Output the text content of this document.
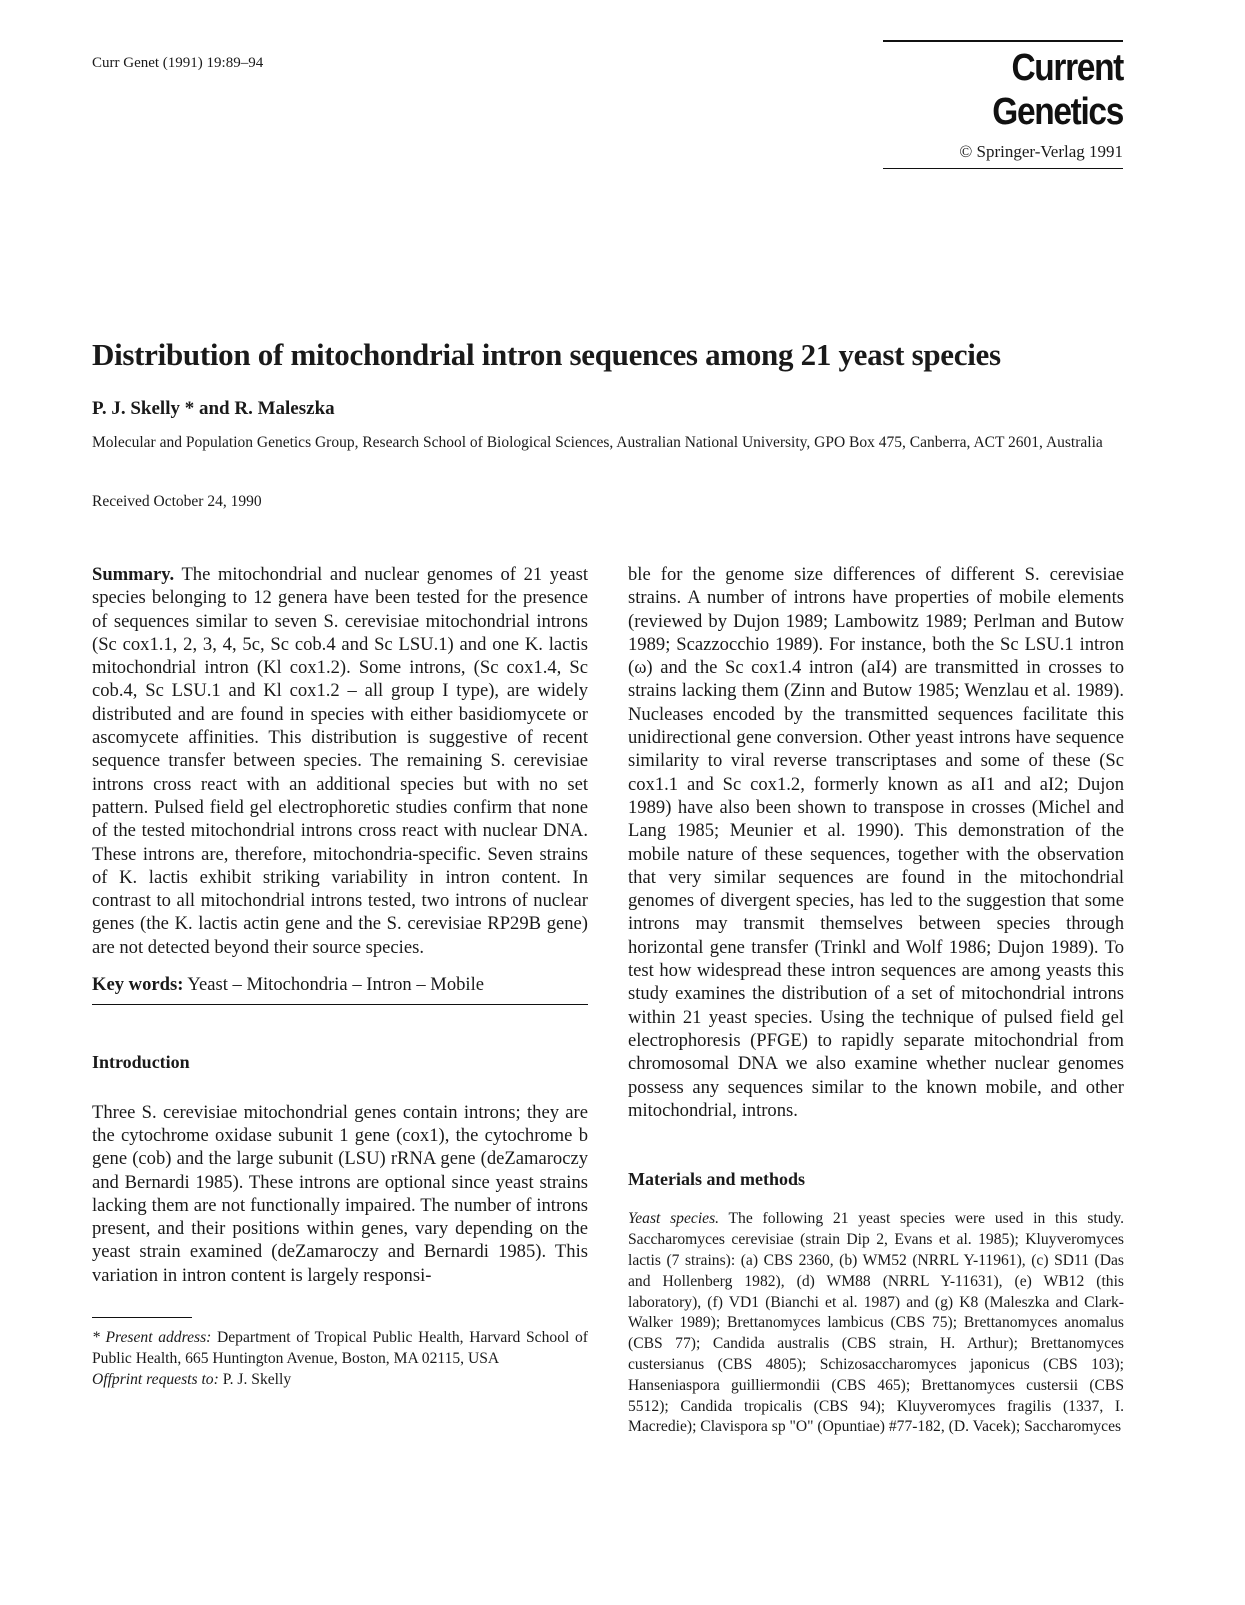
Curr Genet (1991) 19:89–94	Current Genetics
© Springer-Verlag 1991
Distribution of mitochondrial intron sequences among 21 yeast species
P. J. Skelly * and R. Maleszka
Molecular and Population Genetics Group, Research School of Biological Sciences, Australian National University, GPO Box 475, Canberra, ACT 2601, Australia
Received October 24, 1990

Summary. The mitochondrial and nuclear genomes of 21 yeast species belonging to 12 genera have been tested for the presence of sequences similar to seven S. cerevisiae mitochondrial introns (Sc cox1.1, 2, 3, 4, 5c, Sc cob.4 and Sc LSU.1) and one K. lactis mitochondrial intron (Kl cox1.2). Some introns, (Sc cox1.4, Sc cob.4, Sc LSU.1 and Kl cox1.2 – all group I type), are widely distributed and are found in species with either basidiomycete or ascomycete affinities. This distribution is suggestive of recent sequence transfer between species. The remaining S. cerevisiae introns cross react with an additional species but with no set pattern. Pulsed field gel electrophoretic studies confirm that none of the tested mitochondrial introns cross react with nuclear DNA. These introns are, therefore, mitochondria-specific. Seven strains of K. lactis exhibit striking variability in intron content. In contrast to all mitochondrial introns tested, two introns of nuclear genes (the K. lactis actin gene and the S. cerevisiae RP29B gene) are not detected beyond their source species.

Key words: Yeast – Mitochondria – Intron – Mobile

Introduction

Three S. cerevisiae mitochondrial genes contain introns; they are the cytochrome oxidase subunit 1 gene (cox1), the cytochrome b gene (cob) and the large subunit (LSU) rRNA gene (deZamaroczy and Bernardi 1985). These introns are optional since yeast strains lacking them are not functionally impaired. The number of introns present, and their positions within genes, vary depending on the yeast strain examined (deZamaroczy and Bernardi 1985). This variation in intron content is largely responsi-

* Present address: Department of Tropical Public Health, Harvard School of Public Health, 665 Huntington Avenue, Boston, MA 02115, USA

Offprint requests to: P. J. Skelly

ble for the genome size differences of different S. cerevisiae strains. A number of introns have properties of mobile elements (reviewed by Dujon 1989; Lambowitz 1989; Perlman and Butow 1989; Scazzocchio 1989). For instance, both the Sc LSU.1 intron (ω) and the Sc cox1.4 intron (aI4) are transmitted in crosses to strains lacking them (Zinn and Butow 1985; Wenzlau et al. 1989). Nucleases encoded by the transmitted sequences facilitate this unidirectional gene conversion. Other yeast introns have sequence similarity to viral reverse transcriptases and some of these (Sc cox1.1 and Sc cox1.2, formerly known as aI1 and aI2; Dujon 1989) have also been shown to transpose in crosses (Michel and Lang 1985; Meunier et al. 1990). This demonstration of the mobile nature of these sequences, together with the observation that very similar sequences are found in the mitochondrial genomes of divergent species, has led to the suggestion that some introns may transmit themselves between species through horizontal gene transfer (Trinkl and Wolf 1986; Dujon 1989). To test how widespread these intron sequences are among yeasts this study examines the distribution of a set of mitochondrial introns within 21 yeast species. Using the technique of pulsed field gel electrophoresis (PFGE) to rapidly separate mitochondrial from chromosomal DNA we also examine whether nuclear genomes possess any sequences similar to the known mobile, and other mitochondrial, introns.

Materials and methods

Yeast species. The following 21 yeast species were used in this study. Saccharomyces cerevisiae (strain Dip 2, Evans et al. 1985); Kluyveromyces lactis (7 strains): (a) CBS 2360, (b) WM52 (NRRL Y-11961), (c) SD11 (Das and Hollenberg 1982), (d) WM88 (NRRL Y-11631), (e) WB12 (this laboratory), (f) VD1 (Bianchi et al. 1987) and (g) K8 (Maleszka and Clark-Walker 1989); Brettanomyces lambicus (CBS 75); Brettanomyces anomalus (CBS 77); Candida australis (CBS strain, H. Arthur); Brettanomyces custersianus (CBS 4805); Schizosaccharomyces japonicus (CBS 103); Hanseniaspora guilliermondii (CBS 465); Brettanomyces custersii (CBS 5512); Candida tropicalis (CBS 94); Kluyveromyces fragilis (1337, I. Macredie); Clavispora sp "O" (Opuntiae) #77-182, (D. Vacek); Saccharomyces
